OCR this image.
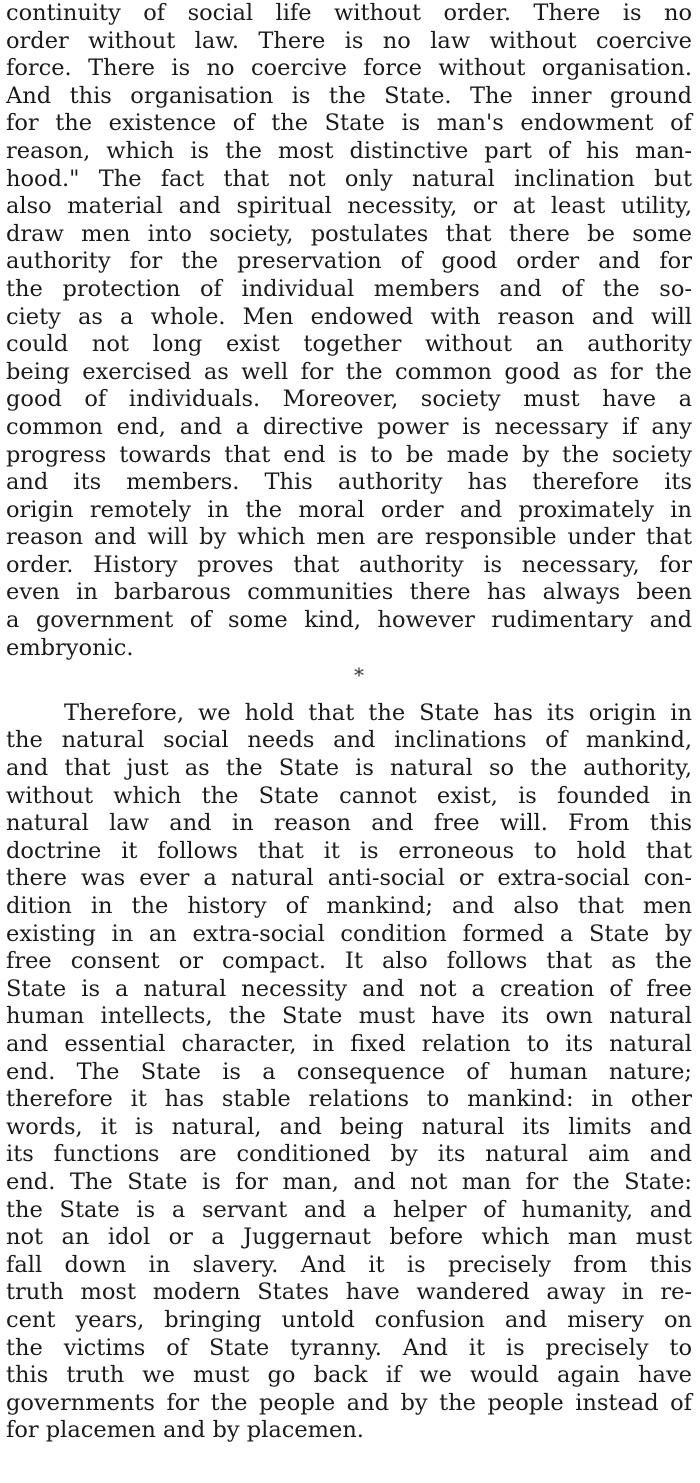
continuity of social life without order. There is no
order without law. There is no law without coercive
force. There is no coercive force without organisation.
And this organisation is the State. The inner ground
for the existence of the State is man's endowment of
reason, which is the most distinctive part of his man-
hood." The fact that not only natural inclination but
also material and spiritual necessity, or at least utility,
draw men into society, postulates that there be some
authority for the preservation of good order and for
the protection of individual members and of the so-
ciety as a whole. Men endowed with reason and will
could not long exist together without an authority
being exercised as well for the common good as for the
good of individuals. Moreover, society must have a
common end, and a directive power is necessary if any
progress towards that end is to be made by the society
and its members. This authority has therefore its
origin remotely in the moral order and proximately in
reason and will by which men are responsible under that
order. History proves that authority is necessary, for
even in barbarous communities there has always been
a government of some kind, however rudimentary and
embryonic.
*
Therefore, we hold that the State has its origin in
the natural social needs and inclinations of mankind,
and that just as the State is natural so the authority,
without which the State cannot exist, is founded in
natural law and in reason and free will. From this
doctrine it follows that it is erroneous to hold that
there was ever a natural anti-social or extra-social con-
dition in the history of mankind; and also that men
existing in an extra-social condition formed a State by
free consent or compact. It also follows that as the
State is a natural necessity and not a creation of free
human intellects, the State must have its own natural
and essential character, in fixed relation to its natural
end. The State is a consequence of human nature;
therefore it has stable relations to mankind: in other
words, it is natural, and being natural its limits and
its functions are conditioned by its natural aim and
end. The State is for man, and not man for the State:
the State is a servant and a helper of humanity, and
not an idol or a Juggernaut before which man must
fall down in slavery. And it is precisely from this
truth most modern States have wandered away in re-
cent years, bringing untold confusion and misery on
the victims of State tyranny. And it is precisely to
this truth we must go back if we would again have
governments for the people and by the people instead of
for placemen and by placemen.
